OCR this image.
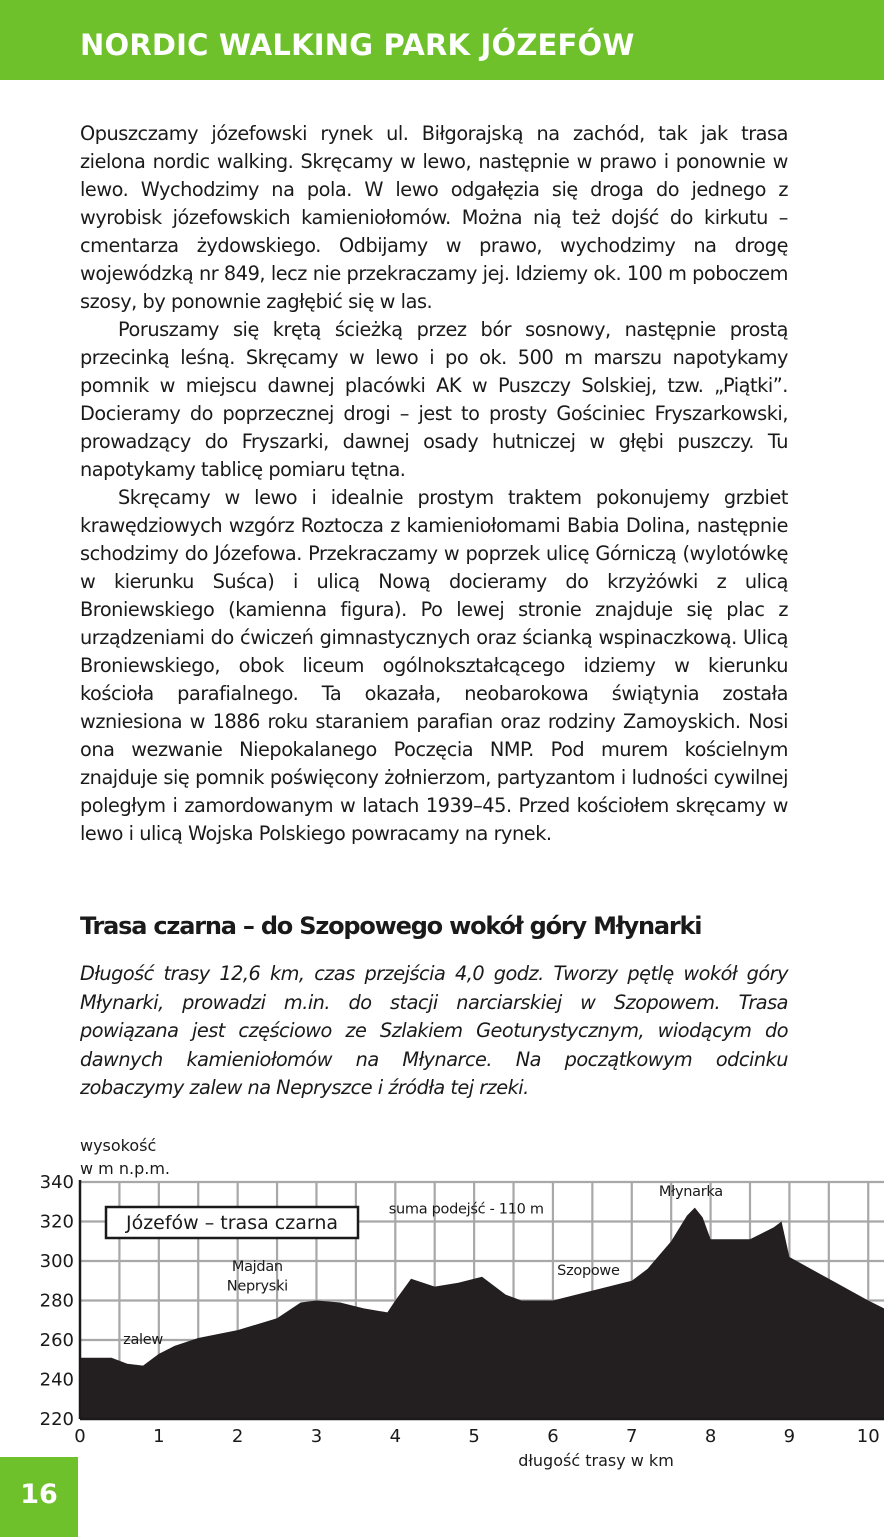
NORDIC WALKING PARK JÓZEFÓW

Opuszczamy józefowski rynek ul. Biłgorajską na zachód, tak jak trasa zielona nordic walking. Skręcamy w lewo, następnie w prawo i ponownie w lewo. Wychodzimy na pola. W lewo odgałęzia się droga do jednego z wyrobisk józefowskich kamieniołomów. Można nią też dojść do kirkutu – cmentarza żydowskiego. Odbijamy w prawo, wychodzimy na drogę wojewódzką nr 849, lecz nie przekraczamy jej. Idziemy ok. 100 m poboczem szosy, by ponownie zagłębić się w las.

Poruszamy się krętą ścieżką przez bór sosnowy, następnie prostą przecinką leśną. Skręcamy w lewo i po ok. 500 m marszu napotykamy pomnik w miejscu dawnej placówki AK w Puszczy Solskiej, tzw. „Piątki”. Docieramy do poprzecznej drogi – jest to prosty Gościniec Fryszarkowski, prowadzący do Fryszarki, dawnej osady hutniczej w głębi puszczy. Tu napotykamy tablicę pomiaru tętna.

Skręcamy w lewo i idealnie prostym traktem pokonujemy grzbiet krawędziowych wzgórz Roztocza z kamieniołomami Babia Dolina, następnie schodzimy do Józefowa. Przekraczamy w poprzek ulicę Górniczą (wylotówkę w kierunku Suśca) i ulicą Nową docieramy do krzyżówki z ulicą Broniewskiego (kamienna figura). Po lewej stronie znajduje się plac z urządzeniami do ćwiczeń gimnastycznych oraz ścianką wspinaczkową. Ulicą Broniewskiego, obok liceum ogólnokształcącego idziemy w kierunku kościoła parafialnego. Ta okazała, neobarokowa świątynia została wzniesiona w 1886 roku staraniem parafian oraz rodziny Zamoyskich. Nosi ona wezwanie Niepokalanego Poczęcia NMP. Pod murem kościelnym znajduje się pomnik poświęcony żołnierzom, partyzantom i ludności cywilnej poległym i zamordowanym w latach 1939–45. Przed kościołem skręcamy w lewo i ulicą Wojska Polskiego powracamy na rynek.

Trasa czarna – do Szopowego wokół góry Młynarki

Długość trasy 12,6 km, czas przejścia 4,0 godz. Tworzy pętlę wokół góry Młynarki, prowadzi m.in. do stacji narciarskiej w Szopowem. Trasa powiązana jest częściowo ze Szlakiem Geoturystycznym, wiodącym do dawnych kamieniołomów na Młynarce. Na początkowym odcinku zobaczymy zalew na Nepryszce i źródła tej rzeki.

0	1	2	3	4	5	6	7	8	9	10
220
240
260
280
300
320
340
zalew
Majdan
Nepryski
suma podejść - 110 m
Szopowe
Młynarka
Józefów – trasa czarna
wysokość
w m n.p.m.
długość trasy w km
16
